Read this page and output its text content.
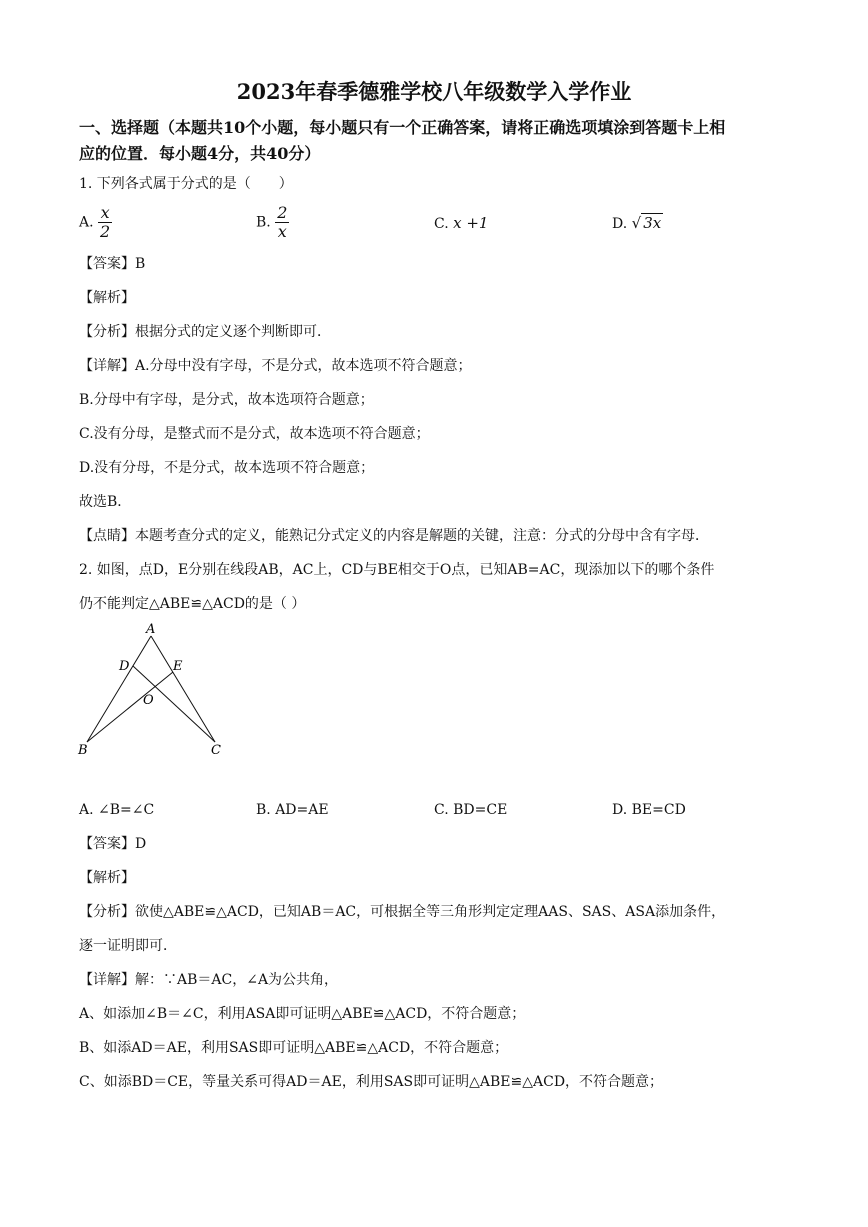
2023年春季德雅学校八年级数学入学作业
一、选择题（本题共10个小题，每小题只有一个正确答案，请将正确选项填涂到答题卡上相
应的位置．每小题4分，共40分）
1. 下列各式属于分式的是（　　）
A. $\frac{x}{2}$	B. $\frac{2}{x}$	C. x +1	D. √ 3x
【答案】B
【解析】
【分析】根据分式的定义逐个判断即可．
【详解】A.分母中没有字母，不是分式，故本选项不符合题意；
B.分母中有字母，是分式，故本选项符合题意；
C.没有分母，是整式而不是分式，故本选项不符合题意；
D.没有分母，不是分式，故本选项不符合题意；
故选B．
【点睛】本题考查分式的定义，能熟记分式定义的内容是解题的关键，注意：分式的分母中含有字母．
2. 如图，点D，E分别在线段AB，AC上，CD与BE相交于O点，已知AB=AC，现添加以下的哪个条件
仍不能判定△ABE≌△ACD的是（ ）
A
D	E
O
B	C
A. ∠B=∠C	B. AD=AE	C. BD=CE	D. BE=CD
【答案】D
【解析】
【分析】欲使△ABE≌△ACD，已知AB＝AC，可根据全等三角形判定定理AAS、SAS、ASA添加条件，
逐一证明即可．
【详解】解：∵AB＝AC，∠A为公共角，
A、如添加∠B＝∠C，利用ASA即可证明△ABE≌△ACD，不符合题意；
B、如添AD＝AE，利用SAS即可证明△ABE≌△ACD，不符合题意；
C、如添BD＝CE，等量关系可得AD＝AE，利用SAS即可证明△ABE≌△ACD，不符合题意；
